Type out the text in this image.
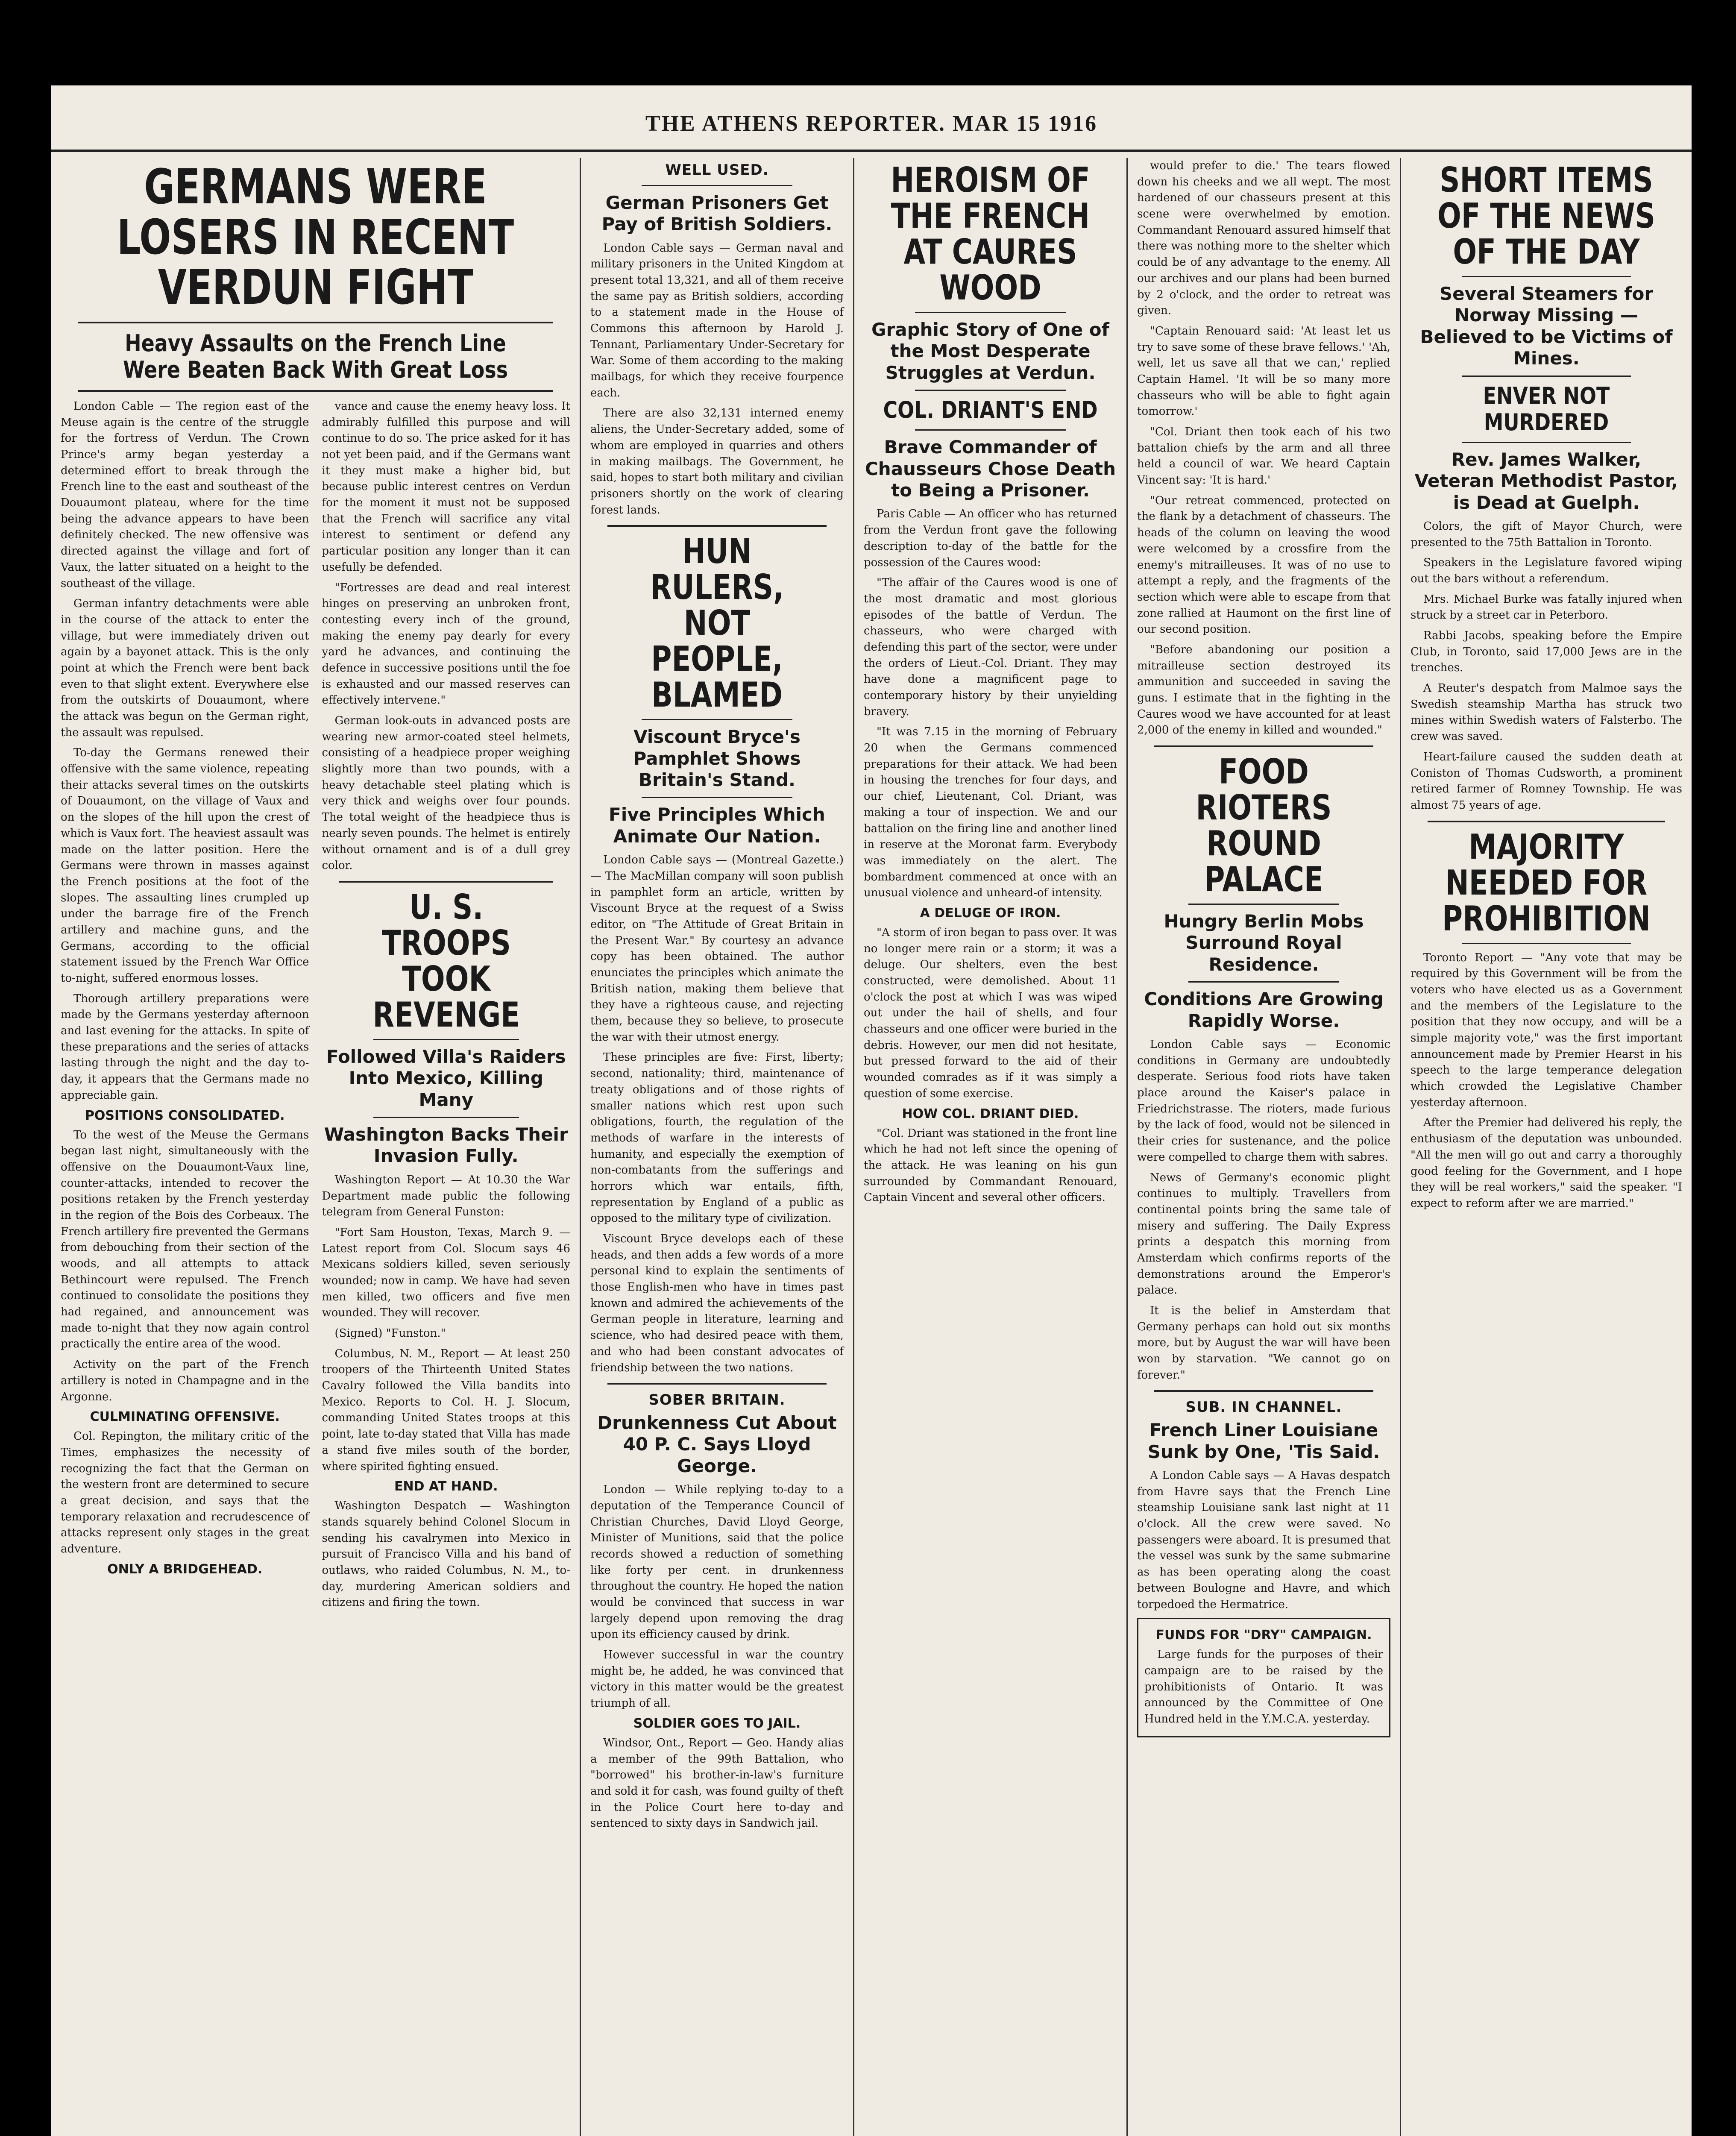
THE ATHENS REPORTER. MAR 15 1916
GERMANS WERE LOSERS IN RECENT VERDUN FIGHT
Heavy Assaults on the French Line Were Beaten Back With Great Loss

London Cable — The region east of the Meuse again is the centre of the struggle for the fortress of Verdun. The Crown Prince's army began yesterday a determined effort to break through the French line to the east and southeast of the Douaumont plateau, where for the time being the advance appears to have been definitely checked. The new offensive was directed against the village and fort of Vaux, the latter situated on a height to the southeast of the village.

German infantry detachments were able in the course of the attack to enter the village, but were immediately driven out again by a bayonet attack. This is the only point at which the French were bent back even to that slight extent. Everywhere else from the outskirts of Douaumont, where the attack was begun on the German right, the assault was repulsed.

To-day the Germans renewed their offensive with the same violence, repeating their attacks several times on the outskirts of Douaumont, on the village of Vaux and on the slopes of the hill upon the crest of which is Vaux fort. The heaviest assault was made on the latter position. Here the Germans were thrown in masses against the French positions at the foot of the slopes. The assaulting lines crumpled up under the barrage fire of the French artillery and machine guns, and the Germans, according to the official statement issued by the French War Office to-night, suffered enormous losses.

Thorough artillery preparations were made by the Germans yesterday afternoon and last evening for the attacks. In spite of these preparations and the series of attacks lasting through the night and the day to-day, it appears that the Germans made no appreciable gain.

POSITIONS CONSOLIDATED.

To the west of the Meuse the Germans began last night, simultaneously with the offensive on the Douaumont-Vaux line, counter-attacks, intended to recover the positions retaken by the French yesterday in the region of the Bois des Corbeaux. The French artillery fire prevented the Germans from debouching from their section of the woods, and all attempts to attack Bethincourt were repulsed. The French continued to consolidate the positions they had regained, and announcement was made to-night that they now again control practically the entire area of the wood.

Activity on the part of the French artillery is noted in Champagne and in the Argonne.

CULMINATING OFFENSIVE.

Col. Repington, the military critic of the Times, emphasizes the necessity of recognizing the fact that the German on the western front are determined to secure a great decision, and says that the temporary relaxation and recrudescence of attacks represent only stages in the great adventure.

ONLY A BRIDGEHEAD.

vance and cause the enemy heavy loss. It admirably fulfilled this purpose and will continue to do so. The price asked for it has not yet been paid, and if the Germans want it they must make a higher bid, but because public interest centres on Verdun for the moment it must not be supposed that the French will sacrifice any vital interest to sentiment or defend any particular position any longer than it can usefully be defended.

"Fortresses are dead and real interest hinges on preserving an unbroken front, contesting every inch of the ground, making the enemy pay dearly for every yard he advances, and continuing the defence in successive positions until the foe is exhausted and our massed reserves can effectively intervene."

German look-outs in advanced posts are wearing new armor-coated steel helmets, consisting of a headpiece proper weighing slightly more than two pounds, with a heavy detachable steel plating which is very thick and weighs over four pounds. The total weight of the headpiece thus is nearly seven pounds. The helmet is entirely without ornament and is of a dull grey color.

U. S. TROOPS TOOK REVENGE
Followed Villa's Raiders Into Mexico, Killing Many
Washington Backs Their Invasion Fully.

Washington Report — At 10.30 the War Department made public the following telegram from General Funston:

"Fort Sam Houston, Texas, March 9. — Latest report from Col. Slocum says 46 Mexicans soldiers killed, seven seriously wounded; now in camp. We have had seven men killed, two officers and five men wounded. They will recover.

(Signed) "Funston."

Columbus, N. M., Report — At least 250 troopers of the Thirteenth United States Cavalry followed the Villa bandits into Mexico. Reports to Col. H. J. Slocum, commanding United States troops at this point, late to-day stated that Villa has made a stand five miles south of the border, where spirited fighting ensued.

END AT HAND.

Washington Despatch — Washington stands squarely behind Colonel Slocum in sending his cavalrymen into Mexico in pursuit of Francisco Villa and his band of outlaws, who raided Columbus, N. M., to-day, murdering American soldiers and citizens and firing the town.

WELL USED.
German Prisoners Get Pay of British Soldiers.

London Cable says — German naval and military prisoners in the United Kingdom at present total 13,321, and all of them receive the same pay as British soldiers, according to a statement made in the House of Commons this afternoon by Harold J. Tennant, Parliamentary Under-Secretary for War. Some of them according to the making mailbags, for which they receive fourpence each.

There are also 32,131 interned enemy aliens, the Under-Secretary added, some of whom are employed in quarries and others in making mailbags. The Government, he said, hopes to start both military and civilian prisoners shortly on the work of clearing forest lands.

HUN RULERS, NOT PEOPLE, BLAMED
Viscount Bryce's Pamphlet Shows Britain's Stand.
Five Principles Which Animate Our Nation.

London Cable says — (Montreal Gazette.) — The MacMillan company will soon publish in pamphlet form an article, written by Viscount Bryce at the request of a Swiss editor, on "The Attitude of Great Britain in the Present War." By courtesy an advance copy has been obtained. The author enunciates the principles which animate the British nation, making them believe that they have a righteous cause, and rejecting them, because they so believe, to prosecute the war with their utmost energy.

These principles are five: First, liberty; second, nationality; third, maintenance of treaty obligations and of those rights of smaller nations which rest upon such obligations, fourth, the regulation of the methods of warfare in the interests of humanity, and especially the exemption of non-combatants from the sufferings and horrors which war entails, fifth, representation by England of a public as opposed to the military type of civilization.

Viscount Bryce develops each of these heads, and then adds a few words of a more personal kind to explain the sentiments of those English-men who have in times past known and admired the achievements of the German people in literature, learning and science, who had desired peace with them, and who had been constant advocates of friendship between the two nations.

SOBER BRITAIN.
Drunkenness Cut About 40 P. C. Says Lloyd George.

London — While replying to-day to a deputation of the Temperance Council of Christian Churches, David Lloyd George, Minister of Munitions, said that the police records showed a reduction of something like forty per cent. in drunkenness throughout the country. He hoped the nation would be convinced that success in war largely depend upon removing the drag upon its efficiency caused by drink.

However successful in war the country might be, he added, he was convinced that victory in this matter would be the greatest triumph of all.

SOLDIER GOES TO JAIL.

Windsor, Ont., Report — Geo. Handy alias a member of the 99th Battalion, who "borrowed" his brother-in-law's furniture and sold it for cash, was found guilty of theft in the Police Court here to-day and sentenced to sixty days in Sandwich jail.

HEROISM OF THE FRENCH AT CAURES WOOD
Graphic Story of One of the Most Desperate Struggles at Verdun.
COL. DRIANT'S END
Brave Commander of Chausseurs Chose Death to Being a Prisoner.

Paris Cable — An officer who has returned from the Verdun front gave the following description to-day of the battle for the possession of the Caures wood:

"The affair of the Caures wood is one of the most dramatic and most glorious episodes of the battle of Verdun. The chasseurs, who were charged with defending this part of the sector, were under the orders of Lieut.-Col. Driant. They may have done a magnificent page to contemporary history by their unyielding bravery.

"It was 7.15 in the morning of February 20 when the Germans commenced preparations for their attack. We had been in housing the trenches for four days, and our chief, Lieutenant, Col. Driant, was making a tour of inspection. We and our battalion on the firing line and another lined in reserve at the Moronat farm. Everybody was immediately on the alert. The bombardment commenced at once with an unusual violence and unheard-of intensity.

A DELUGE OF IRON.

"A storm of iron began to pass over. It was no longer mere rain or a storm; it was a deluge. Our shelters, even the best constructed, were demolished. About 11 o'clock the post at which I was was wiped out under the hail of shells, and four chasseurs and one officer were buried in the debris. However, our men did not hesitate, but pressed forward to the aid of their wounded comrades as if it was simply a question of some exercise.

HOW COL. DRIANT DIED.

"Col. Driant was stationed in the front line which he had not left since the opening of the attack. He was leaning on his gun surrounded by Commandant Renouard, Captain Vincent and several other officers.

would prefer to die.' The tears flowed down his cheeks and we all wept. The most hardened of our chasseurs present at this scene were overwhelmed by emotion. Commandant Renouard assured himself that there was nothing more to the shelter which could be of any advantage to the enemy. All our archives and our plans had been burned by 2 o'clock, and the order to retreat was given.

"Captain Renouard said: 'At least let us try to save some of these brave fellows.' 'Ah, well, let us save all that we can,' replied Captain Hamel. 'It will be so many more chasseurs who will be able to fight again tomorrow.'

"Col. Driant then took each of his two battalion chiefs by the arm and all three held a council of war. We heard Captain Vincent say: 'It is hard.'

"Our retreat commenced, protected on the flank by a detachment of chasseurs. The heads of the column on leaving the wood were welcomed by a crossfire from the enemy's mitrailleuses. It was of no use to attempt a reply, and the fragments of the section which were able to escape from that zone rallied at Haumont on the first line of our second position.

"Before abandoning our position a mitrailleuse section destroyed its ammunition and succeeded in saving the guns. I estimate that in the fighting in the Caures wood we have accounted for at least 2,000 of the enemy in killed and wounded."

FOOD RIOTERS ROUND PALACE
Hungry Berlin Mobs Surround Royal Residence.
Conditions Are Growing Rapidly Worse.

London Cable says — Economic conditions in Germany are undoubtedly desperate. Serious food riots have taken place around the Kaiser's palace in Friedrichstrasse. The rioters, made furious by the lack of food, would not be silenced in their cries for sustenance, and the police were compelled to charge them with sabres.

News of Germany's economic plight continues to multiply. Travellers from continental points bring the same tale of misery and suffering. The Daily Express prints a despatch this morning from Amsterdam which confirms reports of the demonstrations around the Emperor's palace.

It is the belief in Amsterdam that Germany perhaps can hold out six months more, but by August the war will have been won by starvation. "We cannot go on forever."

SUB. IN CHANNEL.
French Liner Louisiane Sunk by One, 'Tis Said.

A London Cable says — A Havas despatch from Havre says that the French Line steamship Louisiane sank last night at 11 o'clock. All the crew were saved. No passengers were aboard. It is presumed that the vessel was sunk by the same submarine as has been operating along the coast between Boulogne and Havre, and which torpedoed the Hermatrice.

FUNDS FOR "DRY" CAMPAIGN.

Large funds for the purposes of their campaign are to be raised by the prohibitionists of Ontario. It was announced by the Committee of One Hundred held in the Y.M.C.A. yesterday.

SHORT ITEMS OF THE NEWS OF THE DAY
Several Steamers for Norway Missing — Believed to be Victims of Mines.
ENVER NOT MURDERED
Rev. James Walker, Veteran Methodist Pastor, is Dead at Guelph.

Colors, the gift of Mayor Church, were presented to the 75th Battalion in Toronto.

Speakers in the Legislature favored wiping out the bars without a referendum.

Mrs. Michael Burke was fatally injured when struck by a street car in Peterboro.

Rabbi Jacobs, speaking before the Empire Club, in Toronto, said 17,000 Jews are in the trenches.

A Reuter's despatch from Malmoe says the Swedish steamship Martha has struck two mines within Swedish waters of Falsterbo. The crew was saved.

Heart-failure caused the sudden death at Coniston of Thomas Cudsworth, a prominent retired farmer of Romney Township. He was almost 75 years of age.

MAJORITY NEEDED FOR PROHIBITION

Toronto Report — "Any vote that may be required by this Government will be from the voters who have elected us as a Government and the members of the Legislature to the position that they now occupy, and will be a simple majority vote," was the first important announcement made by Premier Hearst in his speech to the large temperance delegation which crowded the Legislative Chamber yesterday afternoon.

After the Premier had delivered his reply, the enthusiasm of the deputation was unbounded. "All the men will go out and carry a thoroughly good feeling for the Government, and I hope they will be real workers," said the speaker. "I expect to reform after we are married."
